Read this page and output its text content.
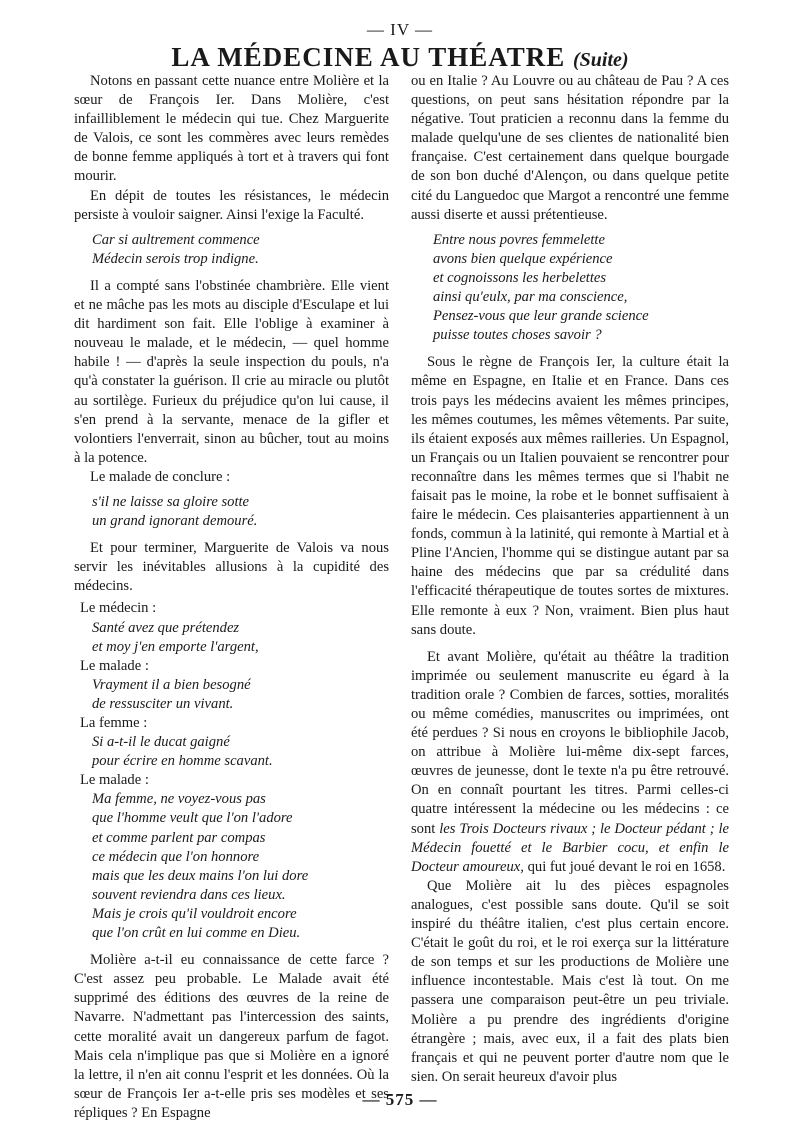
— IV —
LA MÉDECINE AU THÉATRE (Suite)

Notons en passant cette nuance entre Molière et la sœur de François Ier. Dans Molière, c'est infailliblement le médecin qui tue. Chez Marguerite de Valois, ce sont les commères avec leurs remèdes de bonne femme appliqués à tort et à travers qui font mourir.

En dépit de toutes les résistances, le médecin persiste à vouloir saigner. Ainsi l'exige la Faculté.

Car si aultrement commence
Médecin serois trop indigne.

Il a compté sans l'obstinée chambrière. Elle vient et ne mâche pas les mots au disciple d'Esculape et lui dit hardiment son fait. Elle l'oblige à examiner à nouveau le malade, et le médecin, — quel homme habile ! — d'après la seule inspection du pouls, n'a qu'à constater la guérison. Il crie au miracle ou plutôt au sortilège. Furieux du préjudice qu'on lui cause, il s'en prend à la servante, menace de la gifler et volontiers l'enverrait, sinon au bûcher, tout au moins à la potence.

Le malade de conclure :

s'il ne laisse sa gloire sotte
un grand ignorant demouré.

Et pour terminer, Marguerite de Valois va nous servir les inévitables allusions à la cupidité des médecins.

Le médecin :
Santé avez que prétendez
et moy j'en emporte l'argent,
Le malade :
Vrayment il a bien besogné
de ressusciter un vivant.
La femme :
Si a-t-il le ducat gaigné
pour écrire en homme scavant.
Le malade :
Ma femme, ne voyez-vous pas
que l'homme veult que l'on l'adore
et comme parlent par compas
ce médecin que l'on honnore
mais que les deux mains l'on lui dore
souvent reviendra dans ces lieux.
Mais je crois qu'il vouldroit encore
que l'on crût en lui comme en Dieu.

Molière a-t-il eu connaissance de cette farce ? C'est assez peu probable. Le Malade avait été supprimé des éditions des œuvres de la reine de Navarre. N'admettant pas l'intercession des saints, cette moralité avait un dangereux parfum de fagot. Mais cela n'implique pas que si Molière en a ignoré la lettre, il n'en ait connu l'esprit et les données. Où la sœur de François Ier a-t-elle pris ses modèles et ses répliques ? En Espagne

ou en Italie ? Au Louvre ou au château de Pau ? A ces questions, on peut sans hésitation répondre par la négative. Tout praticien a reconnu dans la femme du malade quelqu'une de ses clientes de nationalité bien française. C'est certainement dans quelque bourgade de son bon duché d'Alençon, ou dans quelque petite cité du Languedoc que Margot a rencontré une femme aussi diserte et aussi prétentieuse.

Entre nous povres femmelette
avons bien quelque expérience
et cognoissons les herbelettes
ainsi qu'eulx, par ma conscience,
Pensez-vous que leur grande science
puisse toutes choses savoir ?

Sous le règne de François Ier, la culture était la même en Espagne, en Italie et en France. Dans ces trois pays les médecins avaient les mêmes principes, les mêmes coutumes, les mêmes vêtements. Par suite, ils étaient exposés aux mêmes railleries. Un Espagnol, un Français ou un Italien pouvaient se rencontrer pour reconnaître dans les mêmes termes que si l'habit ne faisait pas le moine, la robe et le bonnet suffisaient à faire le médecin. Ces plaisanteries appartiennent à un fonds, commun à la latinité, qui remonte à Martial et à Pline l'Ancien, l'homme qui se distingue autant par sa haine des médecins que par sa crédulité dans l'efficacité thérapeutique de toutes sortes de mixtures. Elle remonte à eux ? Non, vraiment. Bien plus haut sans doute.

Et avant Molière, qu'était au théâtre la tradition imprimée ou seulement manuscrite eu égard à la tradition orale ? Combien de farces, sotties, moralités ou même comédies, manuscrites ou imprimées, ont été perdues ? Si nous en croyons le bibliophile Jacob, on attribue à Molière lui-même dix-sept farces, œuvres de jeunesse, dont le texte n'a pu être retrouvé. On en connaît pourtant les titres. Parmi celles-ci quatre intéressent la médecine ou les médecins : ce sont les Trois Docteurs rivaux ; le Docteur pédant ; le Médecin fouetté et le Barbier cocu, et enfin le Docteur amoureux, qui fut joué devant le roi en 1658.

Que Molière ait lu des pièces espagnoles analogues, c'est possible sans doute. Qu'il se soit inspiré du théâtre italien, c'est plus certain encore. C'était le goût du roi, et le roi exerça sur la littérature de son temps et sur les productions de Molière une influence incontestable. Mais c'est là tout. On me passera une comparaison peut-être un peu triviale. Molière a pu prendre des ingrédients d'origine étrangère ; mais, avec eux, il a fait des plats bien français et qui ne peuvent porter d'autre nom que le sien. On serait heureux d'avoir plus

— 575 —
